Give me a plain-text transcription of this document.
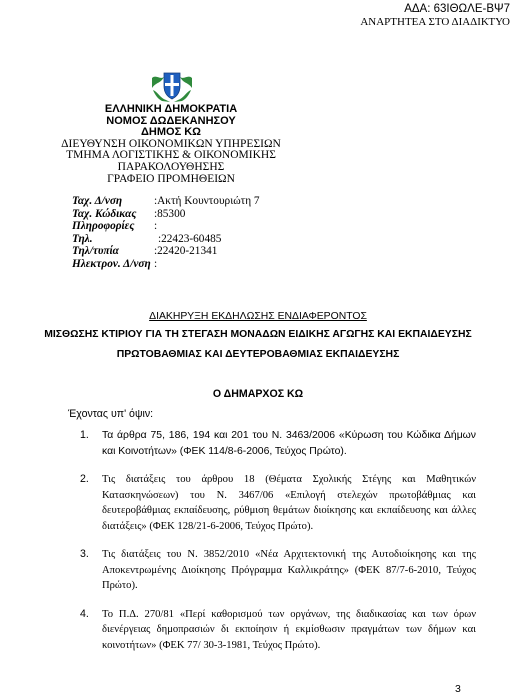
ΑΔΑ: 63ΙΘΩΛΕ-ΒΨ7
ΑΝΑΡΤΗΤΕΑ ΣΤΟ ΔΙΑΔΙΚΤΥΟ
ΕΛΛΗΝΙΚΗ ΔΗΜΟΚΡΑΤΙΑ
ΝΟΜΟΣ ΔΩΔΕΚΑΝΗΣΟΥ
ΔΗΜΟΣ ΚΩ
ΔΙΕΥΘΥΝΣΗ ΟΙΚΟΝΟΜΙΚΩΝ ΥΠΗΡΕΣΙΩΝ
ΤΜΗΜΑ ΛΟΓΙΣΤΙΚΗΣ & ΟΙΚΟΝΟΜΙΚΗΣ
ΠΑΡΑΚΟΛΟΥΘΗΣΗΣ
ΓΡΑΦΕΙΟ ΠΡΟΜΗΘΕΙΩΝ
Ταχ. Δ/νση	:Ακτή Κουντουριώτη 7
Ταχ. Κώδικας	:85300
Πληροφορίες	:
Τηλ.	:22423-60485
Τηλ/τυπία	:22420-21341
Ηλεκτρον. Δ/νση :
ΔΙΑΚΗΡΥΞΗ ΕΚΔΗΛΩΣΗΣ ΕΝΔΙΑΦΕΡΟΝΤΟΣ
ΜΙΣΘΩΣΗΣ ΚΤΙΡΙΟΥ ΓΙΑ ΤΗ ΣΤΕΓΑΣΗ ΜΟΝΑΔΩΝ ΕΙΔΙΚΗΣ ΑΓΩΓΗΣ ΚΑΙ ΕΚΠΑΙΔΕΥΣΗΣ
ΠΡΩΤΟΒΑΘΜΙΑΣ ΚΑΙ ΔΕΥΤΕΡΟΒΑΘΜΙΑΣ ΕΚΠΑΙΔΕΥΣΗΣ
Ο ΔΗΜΑΡΧΟΣ ΚΩ
Έχοντας υπ' όψιν:
1.	Τα άρθρα 75, 186, 194 και 201 του Ν. 3463/2006 «Κύρωση του Κώδικα Δήμων και Κοινοτήτων» (ΦΕΚ 114/8-6-2006, Τεύχος Πρώτο).
2.	Τις διατάξεις του άρθρου 18 (Θέματα Σχολικής Στέγης και Μαθητικών Κατασκηνώσεων) του Ν. 3467/06 «Επιλογή στελεχών πρωτοβάθμιας και δευτεροβάθμιας εκπαίδευσης, ρύθμιση θεμάτων διοίκησης και εκπαίδευσης και άλλες διατάξεις» (ΦΕΚ 128/21-6-2006, Τεύχος Πρώτο).
3.	Τις διατάξεις του Ν. 3852/2010 «Νέα Αρχιτεκτονική της Αυτοδιοίκησης και της Αποκεντρωμένης Διοίκησης Πρόγραμμα Καλλικράτης» (ΦΕΚ 87/7-6-2010, Τεύχος Πρώτο).
4.	Το Π.Δ. 270/81 «Περί καθορισμού των οργάνων, της διαδικασίας και των όρων διενέργειας δημοπρασιών δι εκποίησιν ή εκμίσθωσιν πραγμάτων των δήμων και κοινοτήτων» (ΦΕΚ 77/ 30-3-1981, Τεύχος Πρώτο).
3
